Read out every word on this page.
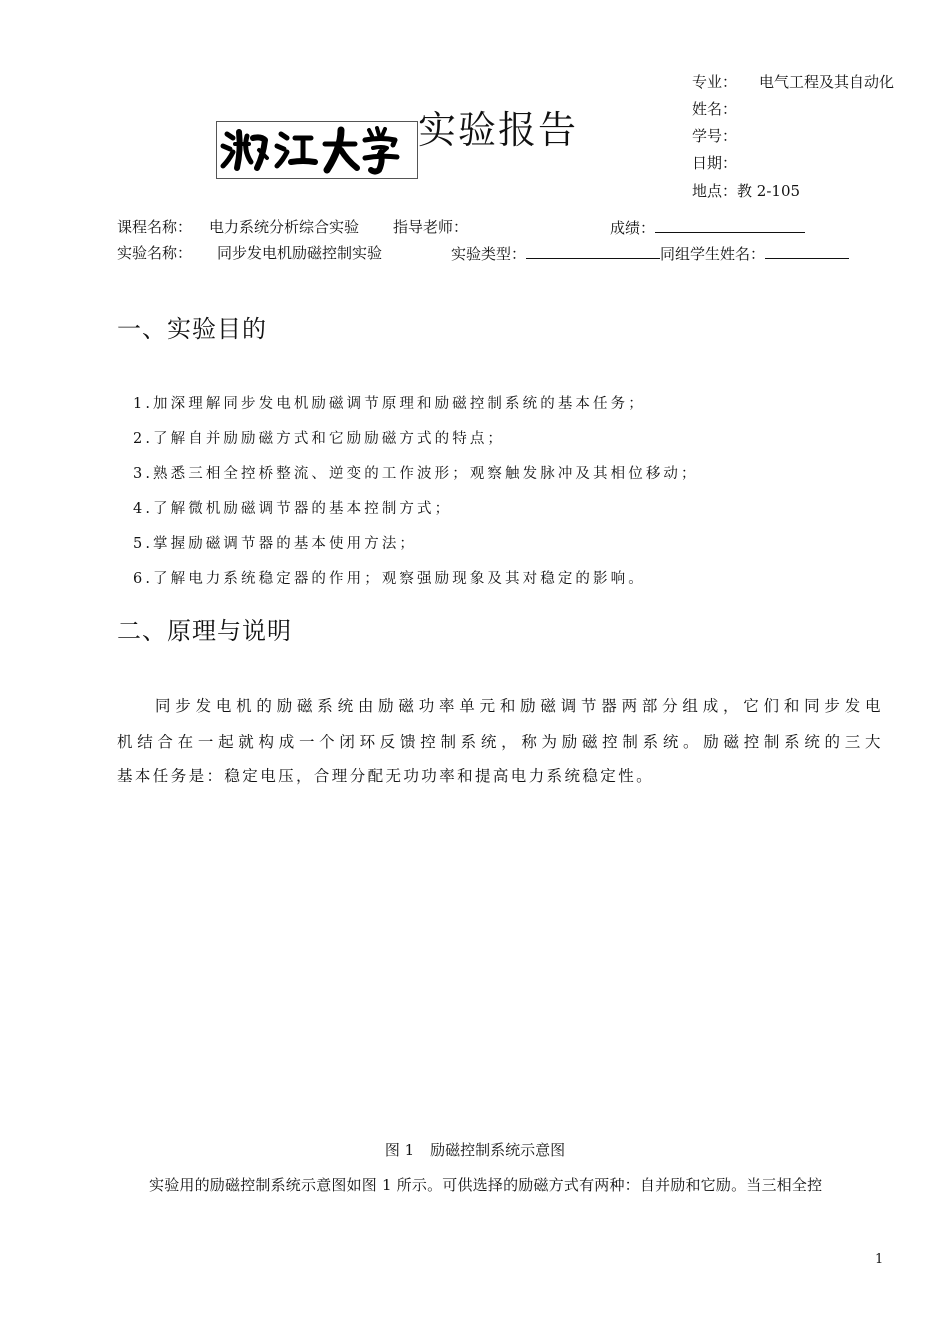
专业： 电气工程及其自动化
姓名：
学号：
日期：
地点：教 2-105
实验报告
课程名称： 电力系统分析综合实验 指导老师：	成绩：
实验名称： 同步发电机励磁控制实验	实验类型：	同组学生姓名：
一、实验目的
1.加深理解同步发电机励磁调节原理和励磁控制系统的基本任务；
2.了解自并励励磁方式和它励励磁方式的特点；
3.熟悉三相全控桥整流、逆变的工作波形；观察触发脉冲及其相位移动；
4.了解微机励磁调节器的基本控制方式；
5.掌握励磁调节器的基本使用方法；
6.了解电力系统稳定器的作用；观察强励现象及其对稳定的影响。
二、原理与说明
同步发电机的励磁系统由励磁功率单元和励磁调节器两部分组成，它们和同步发电
机结合在一起就构成一个闭环反馈控制系统，称为励磁控制系统。励磁控制系统的三大
基本任务是：稳定电压，合理分配无功功率和提高电力系统稳定性。
图 1 励磁控制系统示意图
实验用的励磁控制系统示意图如图 1 所示。可供选择的励磁方式有两种：自并励和它励。当三相全控
1
